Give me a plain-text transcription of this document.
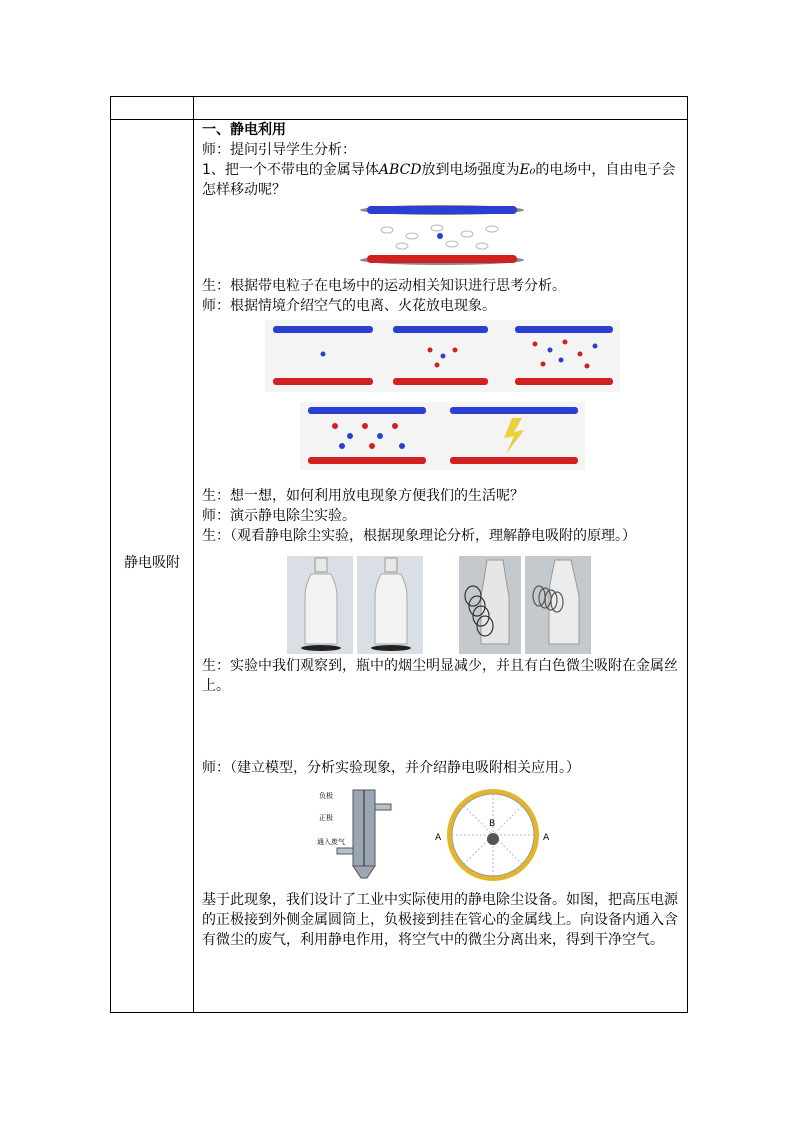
静电吸附

一、静电利用

师：提问引导学生分析：

1、把一个不带电的金属导体ABCD放到电场强度为E₀的电场中，自由电子会怎样移动呢？

生：根据带电粒子在电场中的运动相关知识进行思考分析。

师：根据情境介绍空气的电离、火花放电现象。

生：想一想，如何利用放电现象方便我们的生活呢？

师：演示静电除尘实验。

生：（观看静电除尘实验，根据现象理论分析，理解静电吸附的原理。）

生：实验中我们观察到，瓶中的烟尘明显减少，并且有白色微尘吸附在金属丝上。

师：（建立模型，分析实验现象，并介绍静电吸附相关应用。）

负极
正极
通入废气
B
A	A

基于此现象，我们设计了工业中实际使用的静电除尘设备。如图，把高压电源的正极接到外侧金属圆筒上，负极接到挂在管心的金属线上。向设备内通入含有微尘的废气，利用静电作用，将空气中的微尘分离出来，得到干净空气。
